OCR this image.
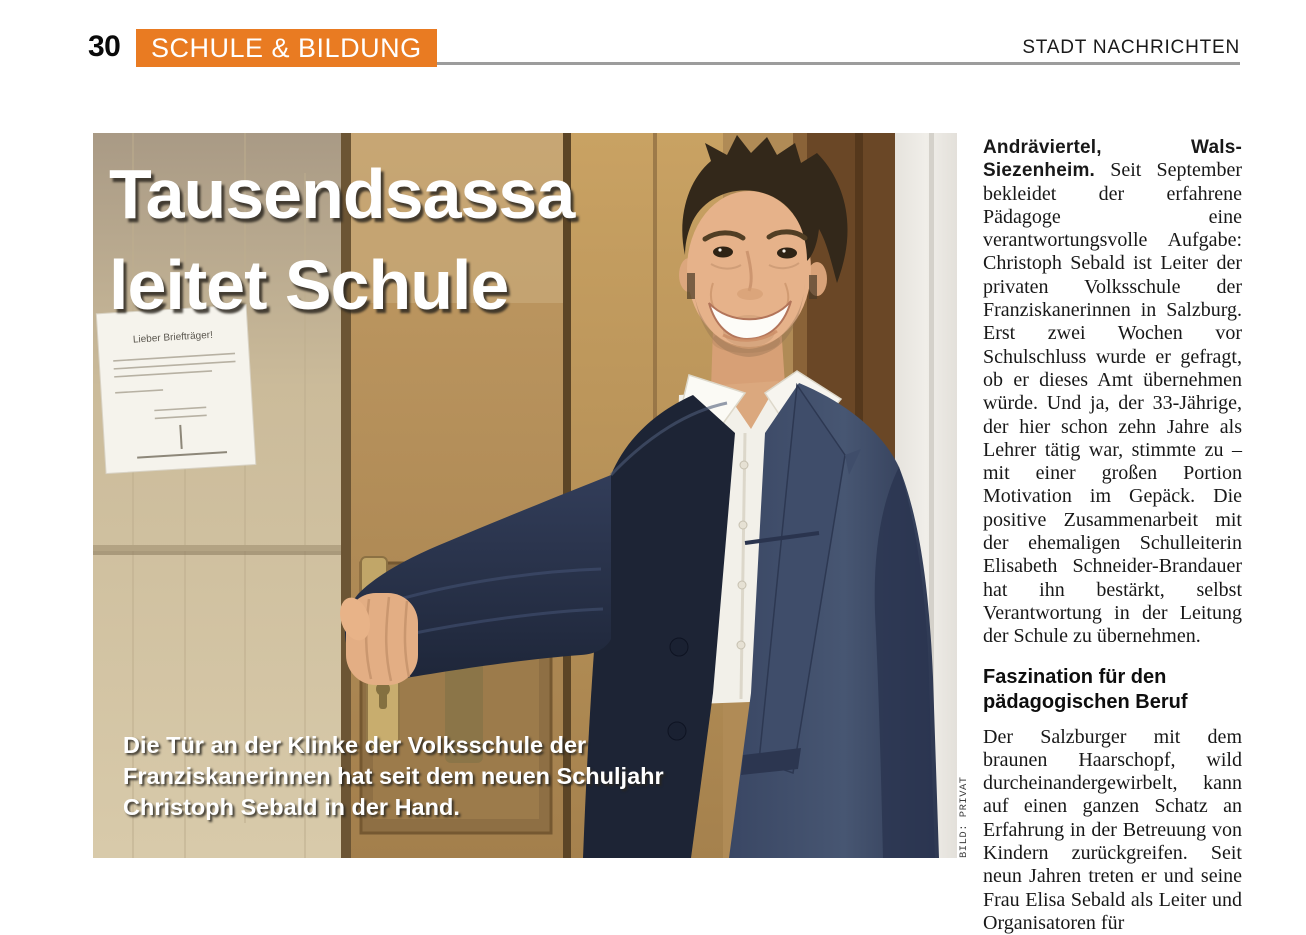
30	SCHULE & BILDUNG	STADT NACHRICHTEN
Lieber Briefträger!
Tausendsassa
leitet Schule
Die Tür an der Klinke der Volksschule der Franziskanerinnen hat seit dem neuen Schuljahr Christoph Sebald in der Hand.	BILD: PRIVAT

Andräviertel, Wals-Siezenheim. Seit September bekleidet der erfahrene Pädagoge eine verantwortungsvolle Aufgabe: Christoph Sebald ist Leiter der privaten Volksschule der Franziskanerinnen in Salzburg. Erst zwei Wochen vor Schulschluss wurde er gefragt, ob er dieses Amt übernehmen würde. Und ja, der 33-Jährige, der hier schon zehn Jahre als Lehrer tätig war, stimmte zu – mit einer großen Portion Motivation im Gepäck. Die positive Zusammenarbeit mit der ehemaligen Schulleiterin Elisabeth Schneider-Brandauer hat ihn bestärkt, selbst Verantwortung in der Leitung der Schule zu übernehmen.

Faszination für den pädagogischen Beruf

Der Salzburger mit dem braunen Haarschopf, wild durcheinandergewirbelt, kann auf einen ganzen Schatz an Erfahrung in der Betreuung von Kindern zurückgreifen. Seit neun Jahren treten er und seine Frau Elisa Sebald als Leiter und Organisatoren für
